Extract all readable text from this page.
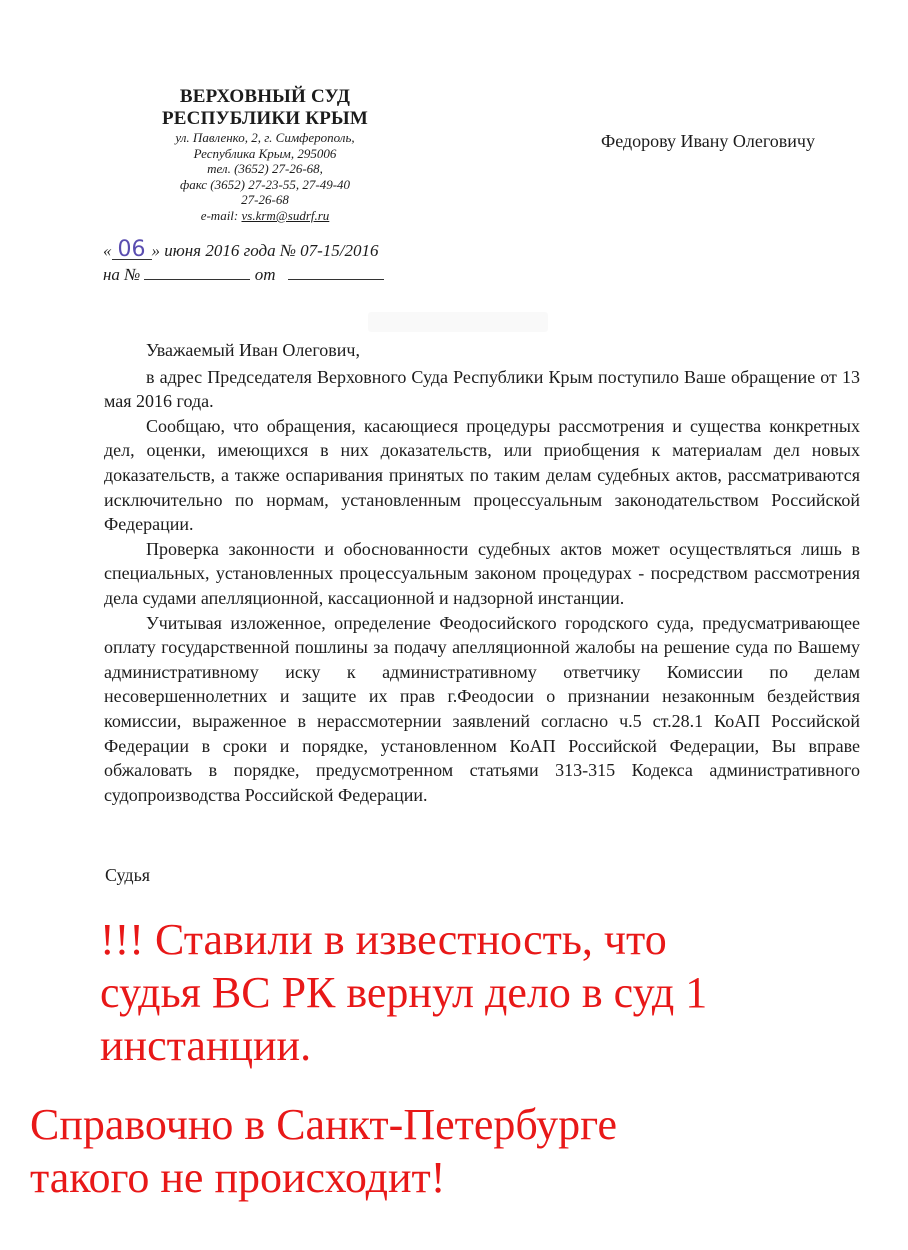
ВЕРХОВНЫЙ СУД
РЕСПУБЛИКИ КРЫМ
ул. Павленко, 2, г. Симферополь,
Республика Крым, 295006
тел. (3652) 27-26-68,
факс (3652) 27-23-55, 27-49-40
27-26-68
e-mail: vs.krm@sudrf.ru
Федорову Ивану Олеговичу
« 06 » июня 2016 года № 07-15/2016
на №	от

Уважаемый Иван Олегович,

в адрес Председателя Верховного Суда Республики Крым поступило Ваше обращение от 13 мая 2016 года.

Сообщаю, что обращения, касающиеся процедуры рассмотрения и существа конкретных дел, оценки, имеющихся в них доказательств, или приобщения к материалам дел новых доказательств, а также оспаривания принятых по таким делам судебных актов, рассматриваются исключительно по нормам, установленным процессуальным законодательством Российской Федерации.

Проверка законности и обоснованности судебных актов может осуществляться лишь в специальных, установленных процессуальным законом процедурах - посредством рассмотрения дела судами апелляционной, кассационной и надзорной инстанции.

Учитывая изложенное, определение Феодосийского городского суда, предусматривающее оплату государственной пошлины за подачу апелляционной жалобы на решение суда по Вашему административному иску к административному ответчику Комиссии по делам несовершеннолетних и защите их прав г.Феодосии о признании незаконным бездействия комиссии, выраженное в нерассмотернии заявлений согласно ч.5 ст.28.1 КоАП Российской Федерации в сроки и порядке, установленном КоАП Российской Федерации, Вы вправе обжаловать в порядке, предусмотренном статьями 313-315 Кодекса административного судопроизводства Российской Федерации.

Судья
!!! Ставили в известность, что
судья ВС РК вернул дело в суд 1
инстанции.
Справочно в Санкт-Петербурге
такого не происходит!
